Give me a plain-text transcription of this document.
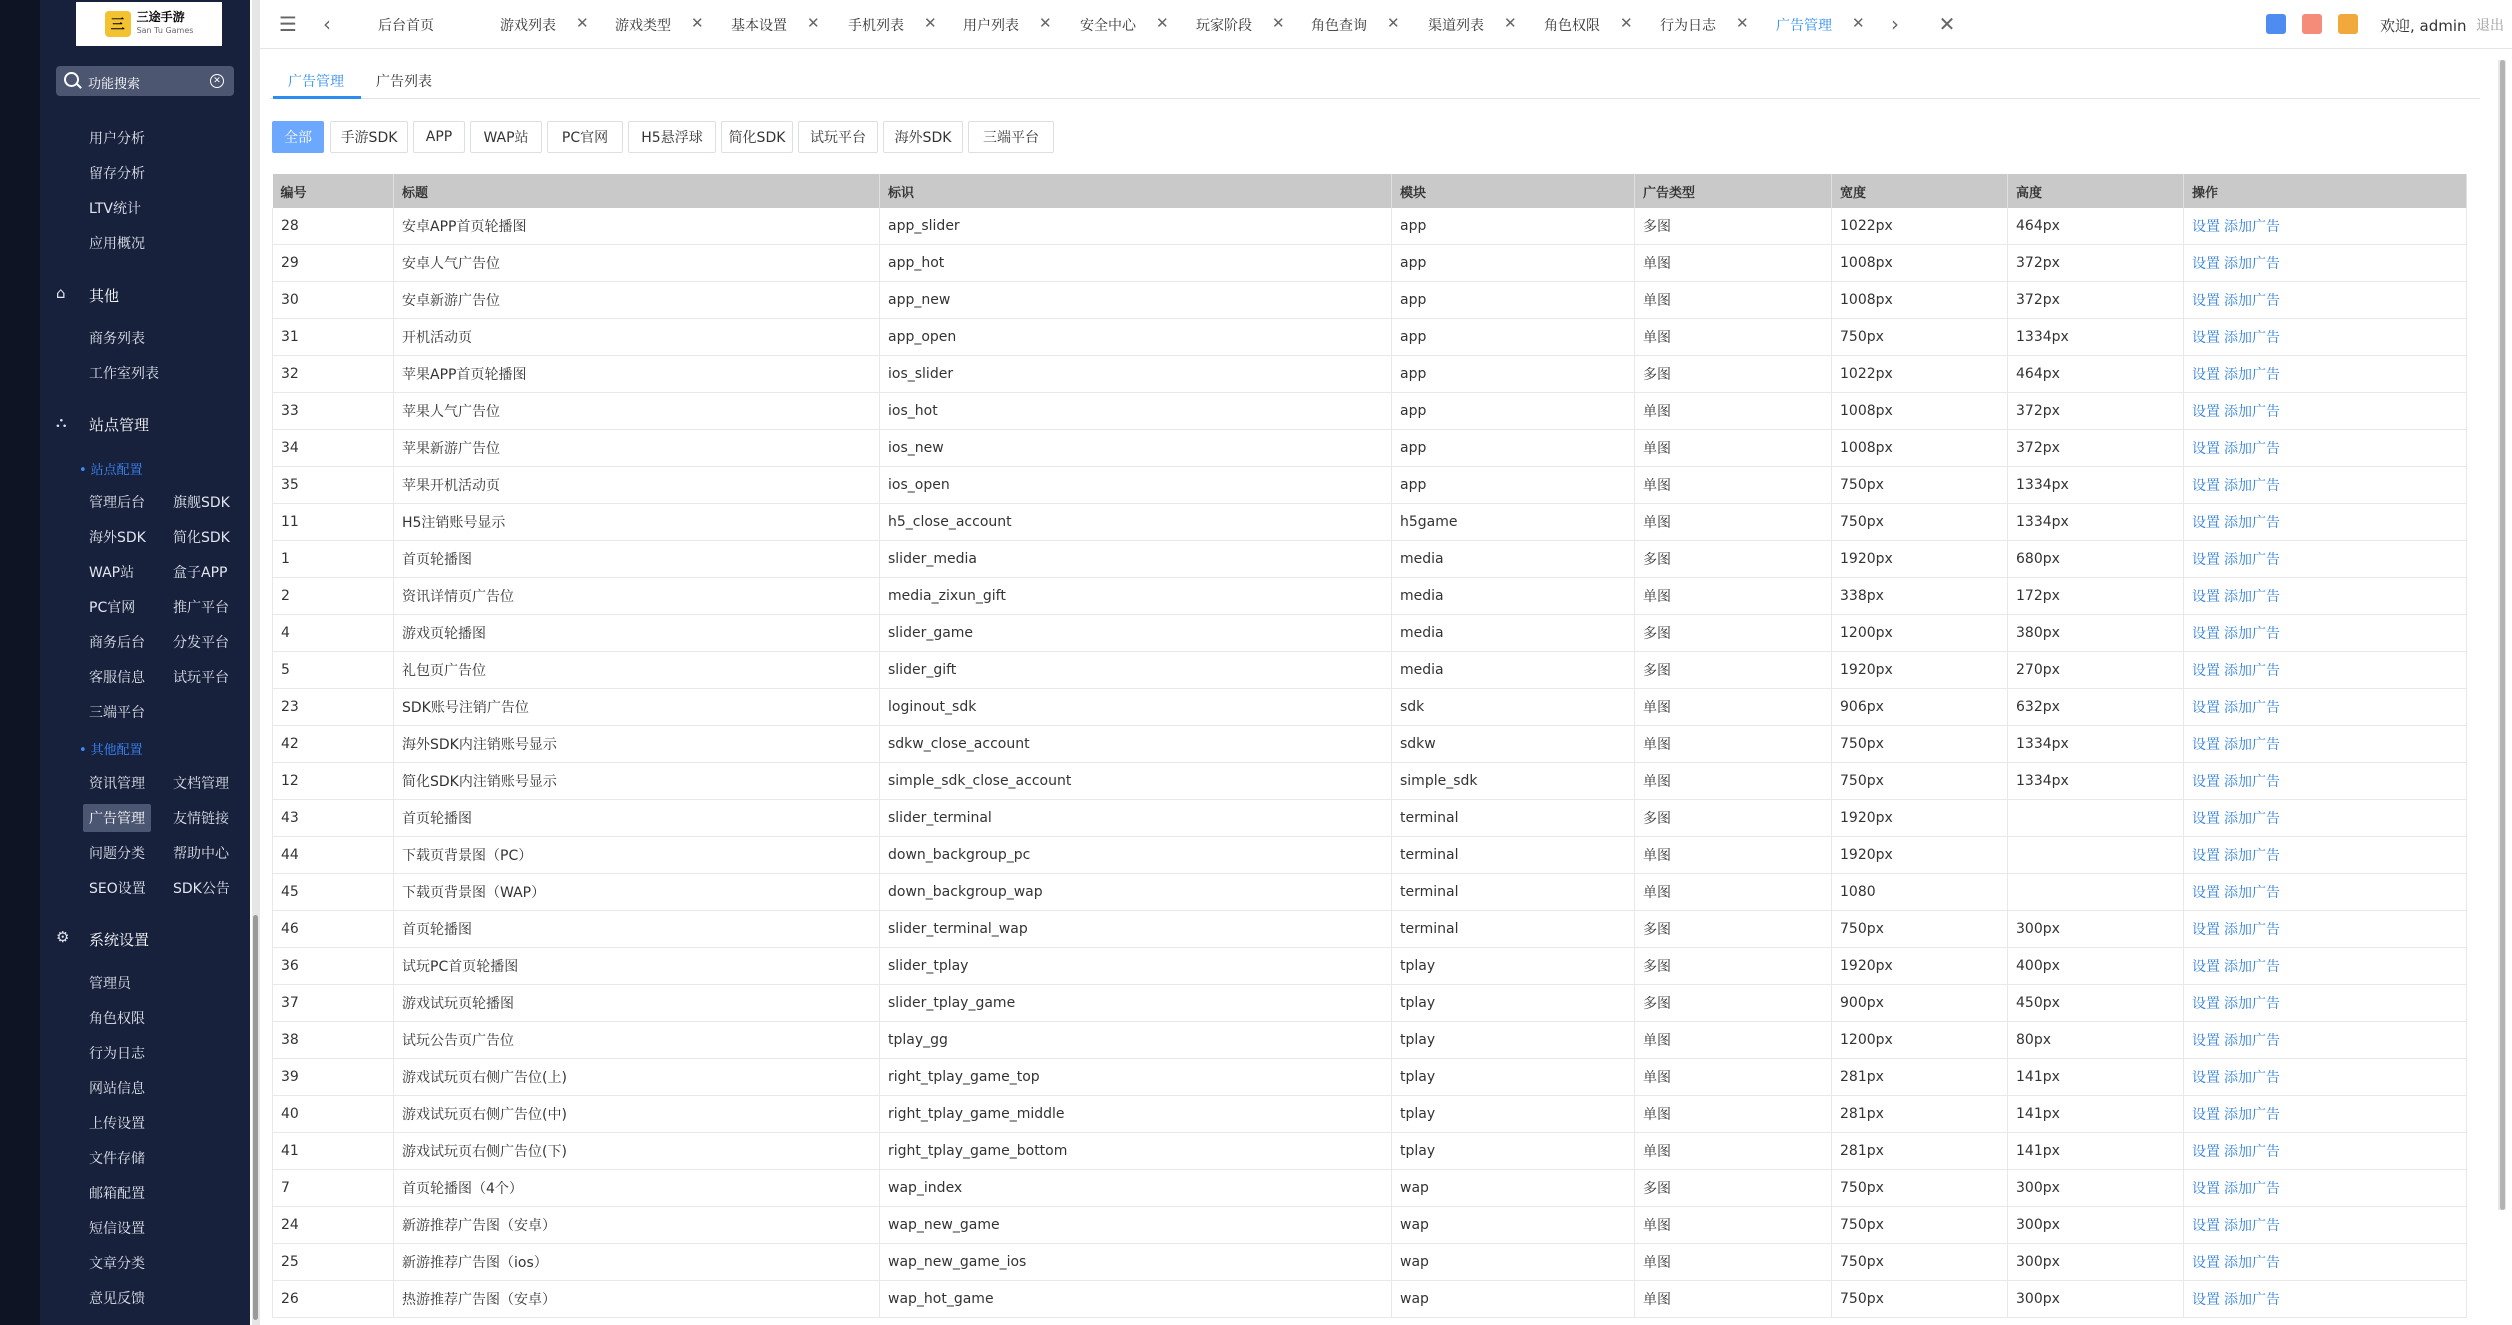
三	三途手游
San Tu Games
功能搜索	✕
用户分析
留存分析
LTV统计
应用概况
⌂	其他
商务列表
工作室列表
⛬	站点管理
• 站点配置
管理后台 旗舰SDK
海外SDK 简化SDK
WAP站	盒子APP
PC官网	推广平台
商务后台 分发平台
客服信息 试玩平台
三端平台
• 其他配置
资讯管理 文档管理
广告管理	友情链接
问题分类 帮助中心
SEO设置 SDK公告
⚙ 系统设置
管理员
角色权限
行为日志
网站信息
上传设置
文件存储
邮箱配置
短信设置
文章分类
意见反馈
☰	‹	后台首页	游戏列表 ✕ 游戏类型 ✕ 基本设置 ✕ 手机列表 ✕ 用户列表 ✕ 安全中心 ✕ 玩家阶段 ✕ 角色查询 ✕ 渠道列表 ✕ 角色权限 ✕ 行为日志 ✕ 广告管理 ✕	›	✕	欢迎, admin 退出
广告管理 广告列表
全部	手游SDK	APP	WAP站	PC官网	H5悬浮球	简化SDK	试玩平台	海外SDK	三端平台
编号	标题	标识	模块	广告类型	宽度	高度	操作
28	安卓APP首页轮播图	app_slider	app	多图	1022px	464px	设置 添加广告
29	安卓人气广告位	app_hot	app	单图	1008px	372px	设置 添加广告
30	安卓新游广告位	app_new	app	单图	1008px	372px	设置 添加广告
31	开机活动页	app_open	app	单图	750px	1334px	设置 添加广告
32	苹果APP首页轮播图	ios_slider	app	多图	1022px	464px	设置 添加广告
33	苹果人气广告位	ios_hot	app	单图	1008px	372px	设置 添加广告
34	苹果新游广告位	ios_new	app	单图	1008px	372px	设置 添加广告
35	苹果开机活动页	ios_open	app	单图	750px	1334px	设置 添加广告
11	H5注销账号显示	h5_close_account	h5game	单图	750px	1334px	设置 添加广告
1	首页轮播图	slider_media	media	多图	1920px	680px	设置 添加广告
2	资讯详情页广告位	media_zixun_gift	media	单图	338px	172px	设置 添加广告
4	游戏页轮播图	slider_game	media	多图	1200px	380px	设置 添加广告
5	礼包页广告位	slider_gift	media	多图	1920px	270px	设置 添加广告
23	SDK账号注销广告位	loginout_sdk	sdk	单图	906px	632px	设置 添加广告
42	海外SDK内注销账号显示	sdkw_close_account	sdkw	单图	750px	1334px	设置 添加广告
12	简化SDK内注销账号显示	simple_sdk_close_account	simple_sdk	单图	750px	1334px	设置 添加广告
43	首页轮播图	slider_terminal	terminal	多图	1920px		设置 添加广告
44	下载页背景图（PC）	down_backgroup_pc	terminal	单图	1920px		设置 添加广告
45	下载页背景图（WAP）	down_backgroup_wap	terminal	单图	1080		设置 添加广告
46	首页轮播图	slider_terminal_wap	terminal	多图	750px	300px	设置 添加广告
36	试玩PC首页轮播图	slider_tplay	tplay	多图	1920px	400px	设置 添加广告
37	游戏试玩页轮播图	slider_tplay_game	tplay	多图	900px	450px	设置 添加广告
38	试玩公告页广告位	tplay_gg	tplay	单图	1200px	80px	设置 添加广告
39	游戏试玩页右侧广告位(上)	right_tplay_game_top	tplay	单图	281px	141px	设置 添加广告
40	游戏试玩页右侧广告位(中)	right_tplay_game_middle	tplay	单图	281px	141px	设置 添加广告
41	游戏试玩页右侧广告位(下)	right_tplay_game_bottom	tplay	单图	281px	141px	设置 添加广告
7	首页轮播图（4个）	wap_index	wap	多图	750px	300px	设置 添加广告
24	新游推荐广告图（安卓）	wap_new_game	wap	单图	750px	300px	设置 添加广告
25	新游推荐广告图（ios）	wap_new_game_ios	wap	单图	750px	300px	设置 添加广告
26	热游推荐广告图（安卓）	wap_hot_game	wap	单图	750px	300px	设置 添加广告
